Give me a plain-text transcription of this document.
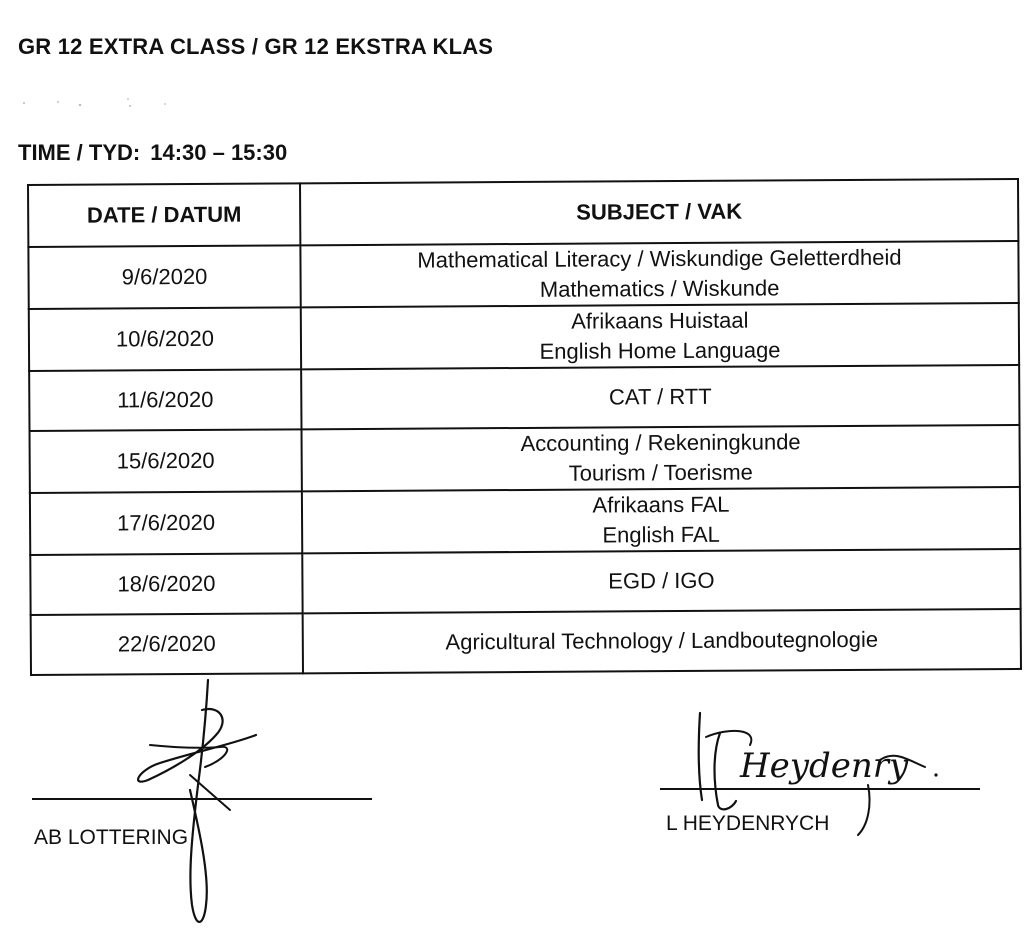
GR 12 EXTRA CLASS / GR 12 EKSTRA KLAS
TIME / TYD: 14:30 – 15:30
DATE / DATUM	SUBJECT / VAK
9/6/2020	Mathematical Literacy / Wiskundige Geletterdheid
Mathematics / Wiskunde

10/6/2020	Afrikaans Huistaal
English Home Language

11/6/2020	CAT / RTT

15/6/2020	Accounting / Rekeningkunde
Tourism / Toerisme

17/6/2020	Afrikaans FAL
English FAL

18/6/2020	EGD / IGO

22/6/2020	Agricultural Technology / Landboutegnologie
AB LOTTERING
Heydenry
L HEYDENRYCH
